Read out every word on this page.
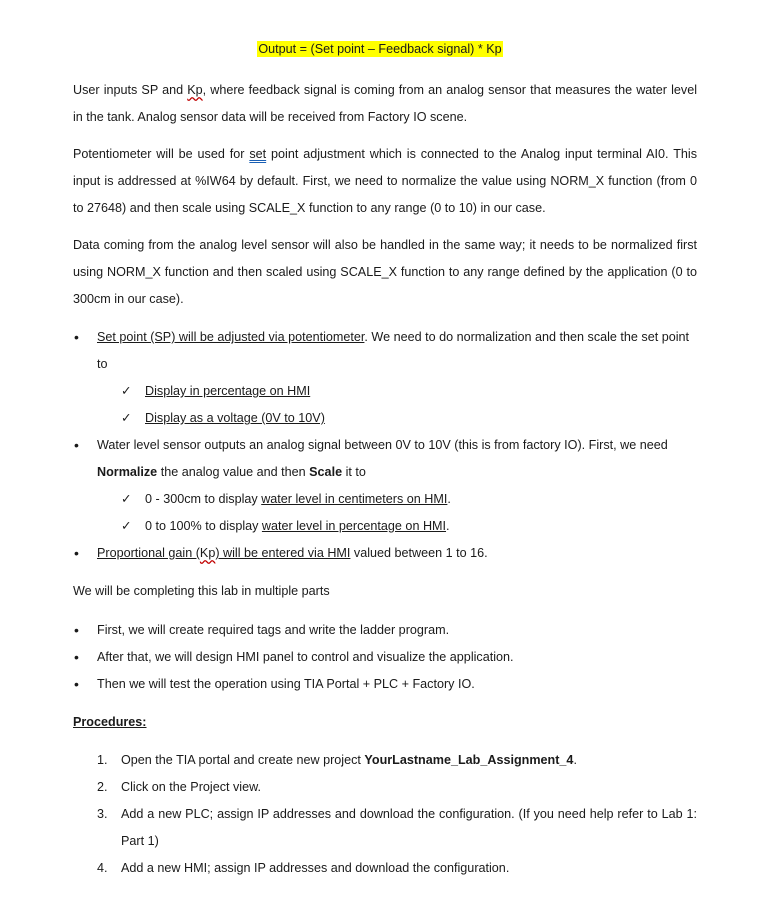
Output = (Set point – Feedback signal) * Kp

User inputs SP and Kp, where feedback signal is coming from an analog sensor that measures the water level in the tank. Analog sensor data will be received from Factory IO scene.

Potentiometer will be used for set point adjustment which is connected to the Analog input terminal AI0. This input is addressed at %IW64 by default. First, we need to normalize the value using NORM_X function (from 0 to 27648) and then scale using SCALE_X function to any range (0 to 10) in our case.

Data coming from the analog level sensor will also be handled in the same way; it needs to be normalized first using NORM_X function and then scaled using SCALE_X function to any range defined by the application (0 to 300cm in our case).

• Set point (SP) will be adjusted via potentiometer. We need to do normalization and then scale the set point to
✓ Display in percentage on HMI
✓ Display as a voltage (0V to 10V)
• Water level sensor outputs an analog signal between 0V to 10V (this is from factory IO). First, we need Normalize the analog value and then Scale it to
✓ 0 - 300cm to display water level in centimeters on HMI.
✓ 0 to 100% to display water level in percentage on HMI.
• Proportional gain (Kp) will be entered via HMI valued between 1 to 16.

We will be completing this lab in multiple parts

• First, we will create required tags and write the ladder program.
• After that, we will design HMI panel to control and visualize the application.
• Then we will test the operation using TIA Portal + PLC + Factory IO.

Procedures:

1. Open the TIA portal and create new project YourLastname_Lab_Assignment_4.
2. Click on the Project view.
3. Add a new PLC; assign IP addresses and download the configuration. (If you need help refer to Lab 1: Part 1)
4. Add a new HMI; assign IP addresses and download the configuration.
